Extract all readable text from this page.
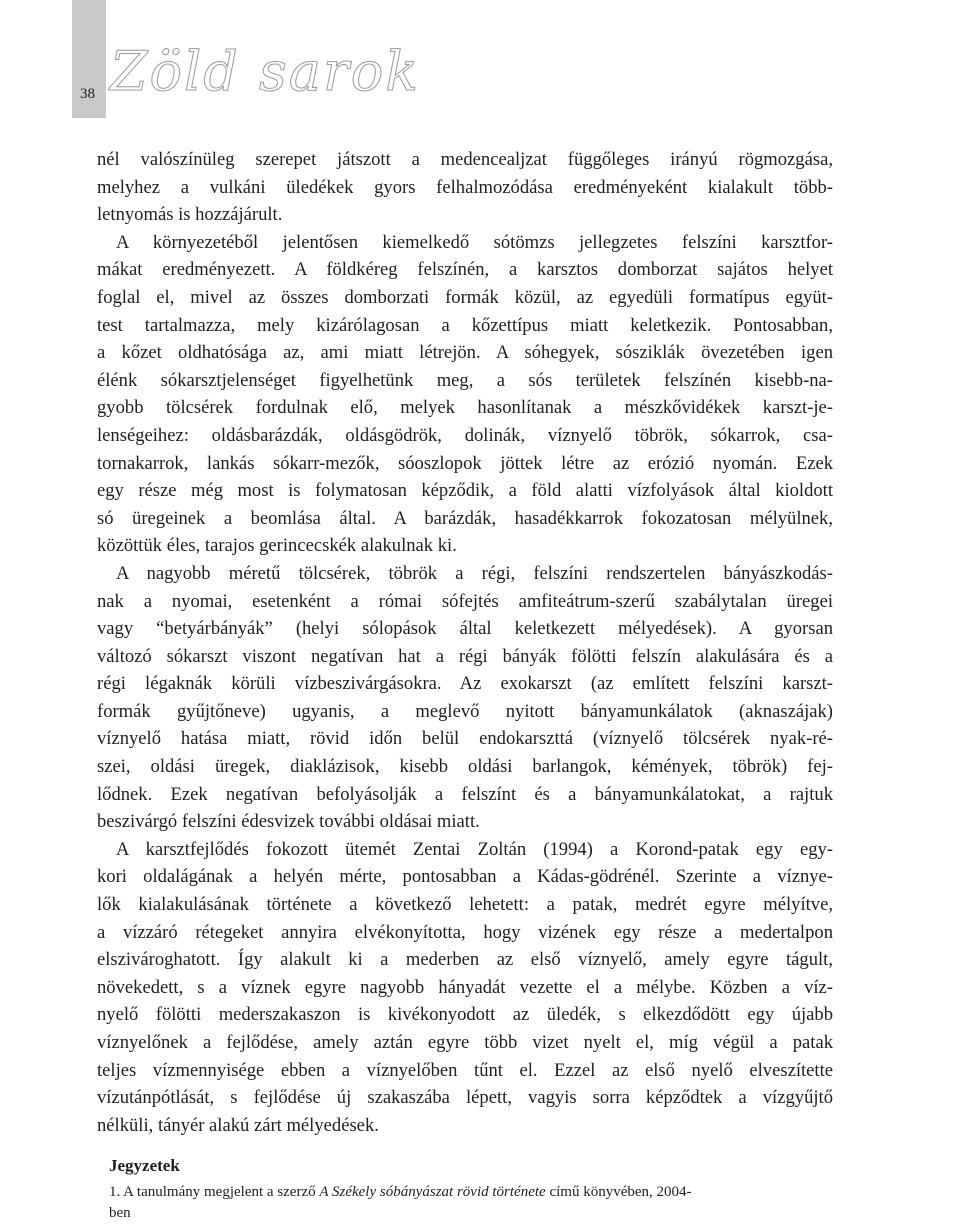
38 Zöld sarok
nél valószínüleg szerepet játszott a medencealjzat függőleges irányú rögmozgása,
melyhez a vulkáni üledékek gyors felhalmozódása eredményeként kialakult több-
letnyomás is hozzájárult.
A környezetéből jelentősen kiemelkedő sótömzs jellegzetes felszíni karsztfor-
mákat eredményezett. A földkéreg felszínén, a karsztos domborzat sajátos helyet
foglal el, mivel az összes domborzati formák közül, az egyedüli formatípus együt-
test tartalmazza, mely kizárólagosan a kőzettípus miatt keletkezik. Pontosabban,
a kőzet oldhatósága az, ami miatt létrejön. A sóhegyek, sósziklák övezetében igen
élénk sókarsztjelenséget figyelhetünk meg, a sós területek felszínén kisebb-na-
gyobb tölcsérek fordulnak elő, melyek hasonlítanak a mészkővidékek karszt-je-
lenségeihez: oldásbarázdák, oldásgödrök, dolinák, víznyelő töbrök, sókarrok, csa-
tornakarrok, lankás sókarr-mezők, sóoszlopok jöttek létre az erózió nyomán. Ezek
egy része még most is folymatosan képződik, a föld alatti vízfolyások által kioldott
só üregeinek a beomlása által. A barázdák, hasadékkarrok fokozatosan mélyülnek,
közöttük éles, tarajos gerincecskék alakulnak ki.
A nagyobb méretű tölcsérek, töbrök a régi, felszíni rendszertelen bányászkodás-
nak a nyomai, esetenként a római sófejtés amfiteátrum-szerű szabálytalan üregei
vagy “betyárbányák” (helyi sólopások által keletkezett mélyedések). A gyorsan
változó sókarszt viszont negatívan hat a régi bányák fölötti felszín alakulására és a
régi légaknák körüli vízbeszivárgásokra. Az exokarszt (az említett felszíni karszt-
formák gyűjtőneve) ugyanis, a meglevő nyitott bányamunkálatok (aknaszájak)
víznyelő hatása miatt, rövid időn belül endokarszttá (víznyelő tölcsérek nyak-ré-
szei, oldási üregek, diaklázisok, kisebb oldási barlangok, kémények, töbrök) fej-
lődnek. Ezek negatívan befolyásolják a felszínt és a bányamunkálatokat, a rajtuk
beszivárgó felszíni édesvizek további oldásai miatt.
A karsztfejlődés fokozott ütemét Zentai Zoltán (1994) a Korond-patak egy egy-
kori oldalágának a helyén mérte, pontosabban a Kádas-gödrénél. Szerinte a víznye-
lők kialakulásának története a következő lehetett: a patak, medrét egyre mélyítve,
a vízzáró rétegeket annyira elvékonyította, hogy vizének egy része a medertalpon
elszivároghatott. Így alakult ki a mederben az első víznyelő, amely egyre tágult,
növekedett, s a víznek egyre nagyobb hányadát vezette el a mélybe. Közben a víz-
nyelő fölötti mederszakaszon is kivékonyodott az üledék, s elkezdődött egy újabb
víznyelőnek a fejlődése, amely aztán egyre több vizet nyelt el, míg végül a patak
teljes vízmennyisége ebben a víznyelőben tűnt el. Ezzel az első nyelő elveszítette
vízutánpótlását, s fejlődése új szakaszába lépett, vagyis sorra képződtek a vízgyűjtő
nélküli, tányér alakú zárt mélyedések.
Jegyzetek
1. A tanulmány megjelent a szerző A Székely sóbányászat rövid története című könyvében, 2004-
ben
